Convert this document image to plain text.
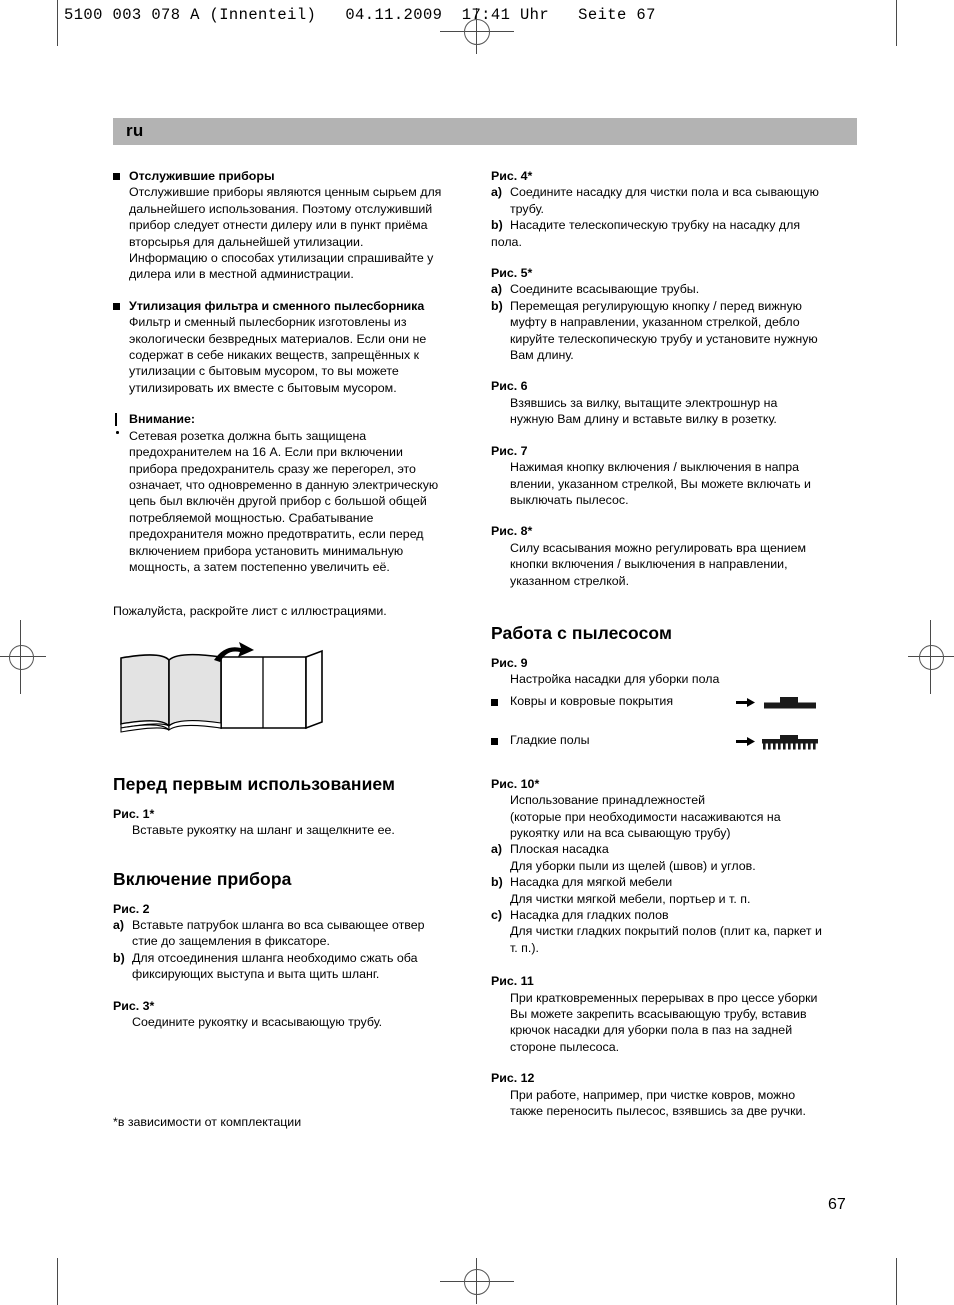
5100 003 078 A (Innenteil)   04.11.2009  17:41 Uhr   Seite 67
ru
Отслужившие приборы
Отслужившие приборы являются ценным сырьем для дальнейшего использования. Поэтому отслуживший прибор следует отнести дилеру или в пункт приёма вторсырья для дальнейшей утилизации. Информацию о способах утилизации спрашивайте у дилера или в местной администрации.
Утилизация фильтра и сменного пылесборника
Фильтр и сменный пылесборник изготовлены из экологически безвредных материалов. Если они не содержат в себе никаких веществ, запрещённых к утилизации с бытовым мусором, то вы можете утилизировать их вместе с бытовым мусором.
Внимание:
Сетевая розетка должна быть защищена предохранителем на 16 А. Если при включении прибора предохранитель сразу же перегорел, это означает, что одновременно в данную электрическую цепь был включён другой прибор с большой общей потребляемой мощностью. Срабатывание предохранителя можно предотвратить, если перед включением прибора установить минимальную мощность, а затем постепенно увеличить её.

Пожалуйста, раскройте лист с иллюстрациями.

Перед первым использованием

Рис. 1*

Вставьте рукоятку на шланг и защелкните ее.

Включение прибора

Рис. 2

a) Вставьте патрубок шланга во вса сывающее отвер стие до защемления в фиксаторе.
b) Для отсоединения шланга необходимо сжать оба фиксирующих выступа и выта щить шланг.

Рис. 3*

Соедините рукоятку и всасывающую трубу.

*в зависимости от комплектации

Рис. 4*

a) Соедините насадку для чистки пола и вса сывающую трубу.
b) Насадите телескопическую трубку на насадку для
пола.

Рис. 5*

a) Соедините всасывающие трубы.
b) Перемещая регулирующую кнопку / перед вижную муфту в направлении, указанном стрелкой, дебло кируйте телескопическую трубу и установите нужную Вам длину.

Рис. 6

Взявшись за вилку, вытащите электрошнур на нужную Вам длину и вставьте вилку в розетку.

Рис. 7

Нажимая кнопку включения / выключения в напра влении, указанном стрелкой, Вы можете включать и выключать пылесос.

Рис. 8*

Силу всасывания можно регулировать вра щением кнопки включения / выключения в направлении, указанном стрелкой.

Работа с пылесосом

Рис. 9

Настройка насадки для уборки пола

Ковры и ковровые покрытия
Гладкие полы

Рис. 10*

Использование принадлежностей

(которые при необходимости насаживаются на

рукоятку или на вса сывающую трубу)

a) Плоская насадка
Для уборки пыли из щелей (швов) и углов.
b) Насадка для мягкой мебели
Для чистки мягкой мебели, портьер и т. п.
c) Насадка для гладких полов
Для чистки гладких покрытий полов (плит ка, паркет и т. п.).

Рис. 11

При кратковременных перерывах в про цессе уборки Вы можете закрепить всасывающую трубу, вставив крючок насадки для уборки пола в паз на задней стороне пылесоса.

Рис. 12

При работе, например, при чистке ковров, можно также переносить пылесос, взявшись за две ручки.

67
